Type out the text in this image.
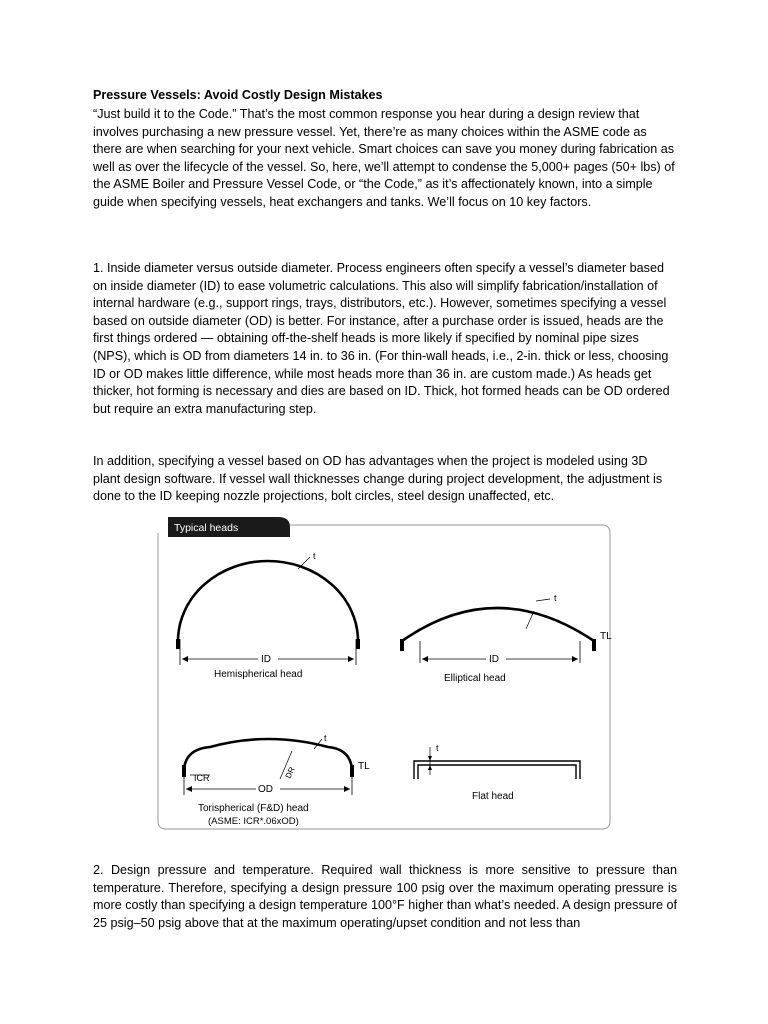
Pressure Vessels: Avoid Costly Design Mistakes

“Just build it to the Code.” That’s the most common response you hear during a design review that involves purchasing a new pressure vessel. Yet, there’re as many choices within the ASME code as there are when searching for your next vehicle. Smart choices can save you money during fabrication as well as over the lifecycle of the vessel. So, here, we’ll attempt to condense the 5,000+ pages (50+ lbs) of the ASME Boiler and Pressure Vessel Code, or “the Code,” as it’s affectionately known, into a simple guide when specifying vessels, heat exchangers and tanks. We’ll focus on 10 key factors.

1. Inside diameter versus outside diameter. Process engineers often specify a vessel’s diameter based on inside diameter (ID) to ease volumetric calculations. This also will simplify fabrication/installation of internal hardware (e.g., support rings, trays, distributors, etc.). However, sometimes specifying a vessel based on outside diameter (OD) is better. For instance, after a purchase order is issued, heads are the first things ordered — obtaining off-the-shelf heads is more likely if specified by nominal pipe sizes (NPS), which is OD from diameters 14 in. to 36 in. (For thin-wall heads, i.e., 2-in. thick or less, choosing ID or OD makes little difference, while most heads more than 36 in. are custom made.) As heads get thicker, hot forming is necessary and dies are based on ID. Thick, hot formed heads can be OD ordered but require an extra manufacturing step.

In addition, specifying a vessel based on OD has advantages when the project is modeled using 3D plant design software. If vessel wall thicknesses change during project development, the adjustment is done to the ID keeping nozzle projections, bolt circles, steel design unaffected, etc.

2. Design pressure and temperature. Required wall thickness is more sensitive to pressure than temperature. Therefore, specifying a design pressure 100 psig over the maximum operating pressure is more costly than specifying a design temperature 100°F higher than what’s needed. A design pressure of 25 psig–50 psig above that at the maximum operating/upset condition and not less than

Typical heads
ID
t
Hemispherical head
ID
t
TL
Elliptical head
OD
ICR	DR
t
TL
Torispherical (F&D) head
(ASME: ICR*.06xOD)
t
Flat head
